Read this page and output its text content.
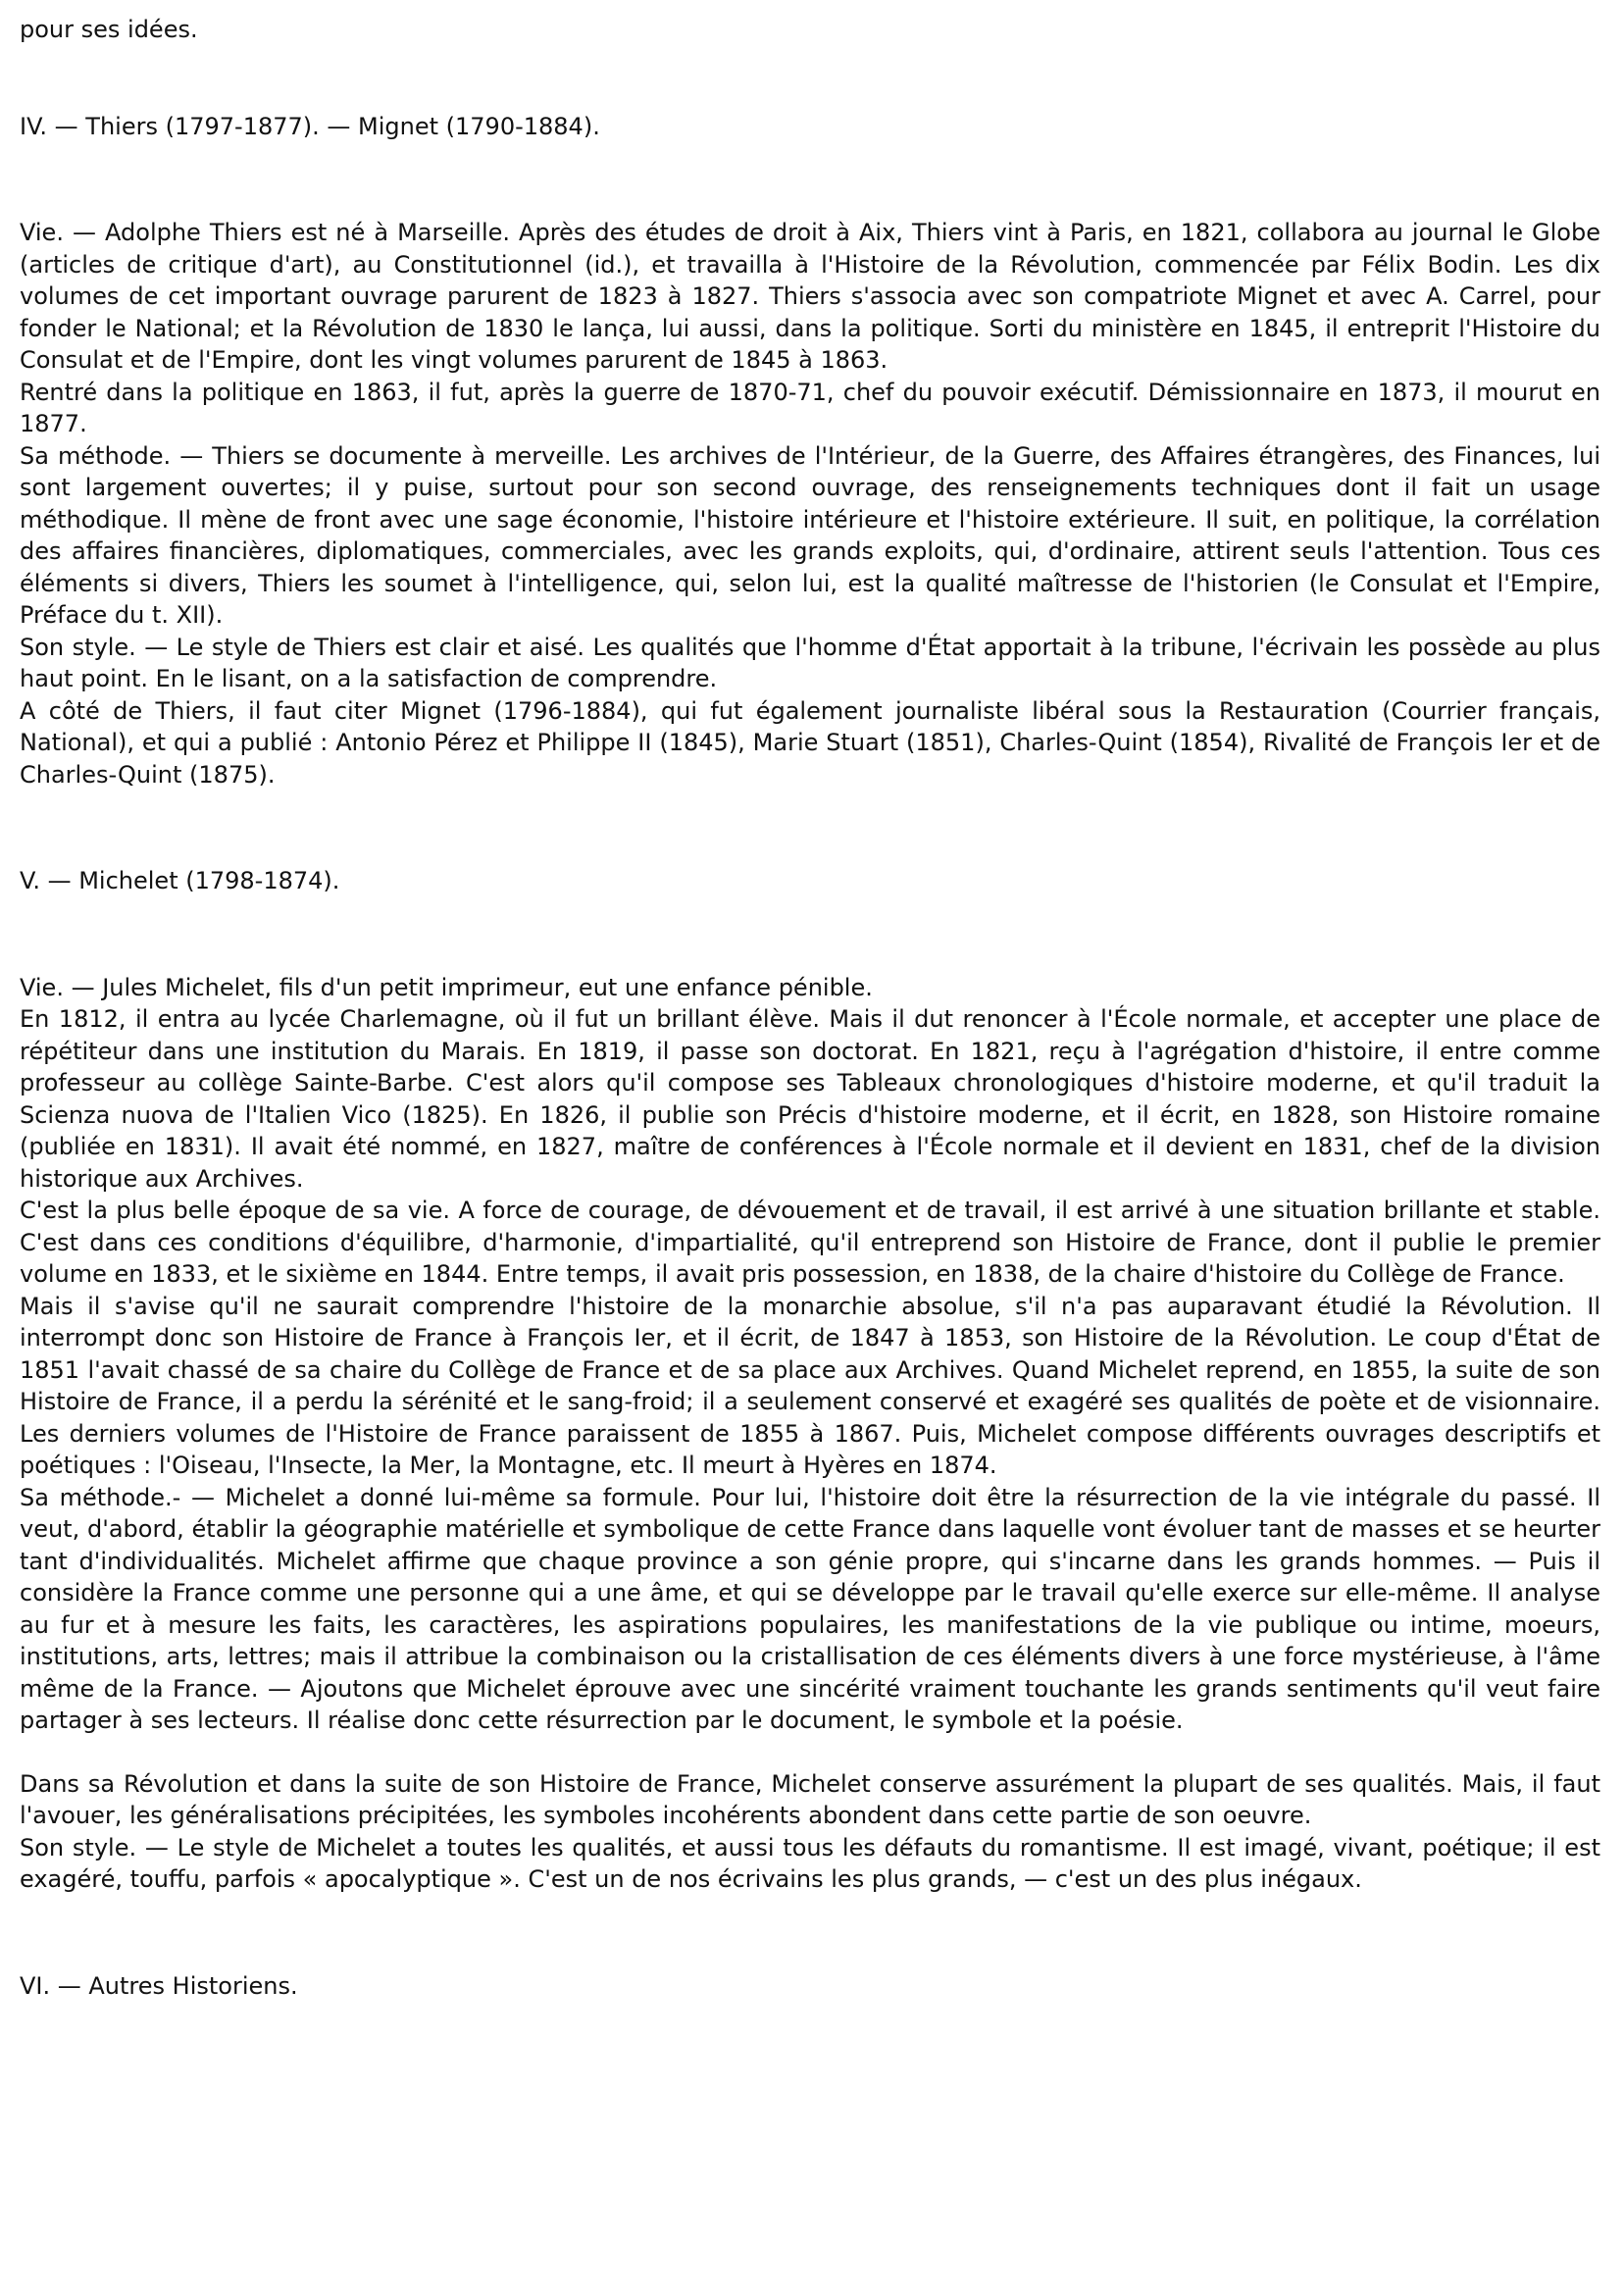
pour ses idées.

IV. — Thiers (1797-1877). — Mignet (1790-1884).

Vie. — Adolphe Thiers est né à Marseille. Après des études de droit à Aix, Thiers vint à Paris, en 1821, collabora au journal le Globe (articles de critique d'art), au Constitutionnel (id.), et travailla à l'Histoire de la Révolution, commencée par Félix Bodin. Les dix volumes de cet important ouvrage parurent de 1823 à 1827. Thiers s'associa avec son compatriote Mignet et avec A. Carrel, pour fonder le National; et la Révolution de 1830 le lança, lui aussi, dans la politique. Sorti du ministère en 1845, il entreprit l'Histoire du Consulat et de l'Empire, dont les vingt volumes parurent de 1845 à 1863.

Rentré dans la politique en 1863, il fut, après la guerre de 1870-71, chef du pouvoir exécutif. Démissionnaire en 1873, il mourut en 1877.

Sa méthode. — Thiers se documente à merveille. Les archives de l'Intérieur, de la Guerre, des Affaires étrangères, des Finances, lui sont largement ouvertes; il y puise, surtout pour son second ouvrage, des renseignements techniques dont il fait un usage méthodique. Il mène de front avec une sage économie, l'histoire intérieure et l'histoire extérieure. Il suit, en politique, la corrélation des affaires financières, diplomatiques, commerciales, avec les grands exploits, qui, d'ordinaire, attirent seuls l'attention. Tous ces éléments si divers, Thiers les soumet à l'intelligence, qui, selon lui, est la qualité maîtresse de l'historien (le Consulat et l'Empire, Préface du t. XII).

Son style. — Le style de Thiers est clair et aisé. Les qualités que l'homme d'État apportait à la tribune, l'écrivain les possède au plus haut point. En le lisant, on a la satisfaction de comprendre.

A côté de Thiers, il faut citer Mignet (1796-1884), qui fut également journaliste libéral sous la Restauration (Courrier français, National), et qui a publié : Antonio Pérez et Philippe II (1845), Marie Stuart (1851), Charles-Quint (1854), Rivalité de François Ier et de Charles-Quint (1875).

V. — Michelet (1798-1874).

Vie. — Jules Michelet, fils d'un petit imprimeur, eut une enfance pénible.

En 1812, il entra au lycée Charlemagne, où il fut un brillant élève. Mais il dut renoncer à l'École normale, et accepter une place de répétiteur dans une institution du Marais. En 1819, il passe son doctorat. En 1821, reçu à l'agrégation d'histoire, il entre comme professeur au collège Sainte-Barbe. C'est alors qu'il compose ses Tableaux chronologiques d'histoire moderne, et qu'il traduit la Scienza nuova de l'Italien Vico (1825). En 1826, il publie son Précis d'histoire moderne, et il écrit, en 1828, son Histoire romaine (publiée en 1831). Il avait été nommé, en 1827, maître de conférences à l'École normale et il devient en 1831, chef de la division historique aux Archives.

C'est la plus belle époque de sa vie. A force de courage, de dévouement et de travail, il est arrivé à une situation brillante et stable. C'est dans ces conditions d'équilibre, d'harmonie, d'impartialité, qu'il entreprend son Histoire de France, dont il publie le premier volume en 1833, et le sixième en 1844. Entre temps, il avait pris possession, en 1838, de la chaire d'histoire du Collège de France.

Mais il s'avise qu'il ne saurait comprendre l'histoire de la monarchie absolue, s'il n'a pas auparavant étudié la Révolution. Il interrompt donc son Histoire de France à François Ier, et il écrit, de 1847 à 1853, son Histoire de la Révolution. Le coup d'État de 1851 l'avait chassé de sa chaire du Collège de France et de sa place aux Archives. Quand Michelet reprend, en 1855, la suite de son Histoire de France, il a perdu la sérénité et le sang-froid; il a seulement conservé et exagéré ses qualités de poète et de visionnaire. Les derniers volumes de l'Histoire de France paraissent de 1855 à 1867. Puis, Michelet compose différents ouvrages descriptifs et poétiques : l'Oiseau, l'Insecte, la Mer, la Montagne, etc. Il meurt à Hyères en 1874.

Sa méthode.- — Michelet a donné lui-même sa formule. Pour lui, l'histoire doit être la résurrection de la vie intégrale du passé. Il veut, d'abord, établir la géographie matérielle et symbolique de cette France dans laquelle vont évoluer tant de masses et se heurter tant d'individualités. Michelet affirme que chaque province a son génie propre, qui s'incarne dans les grands hommes. — Puis il considère la France comme une personne qui a une âme, et qui se développe par le travail qu'elle exerce sur elle-même. Il analyse au fur et à mesure les faits, les caractères, les aspirations populaires, les manifestations de la vie publique ou intime, moeurs, institutions, arts, lettres; mais il attribue la combinaison ou la cristallisation de ces éléments divers à une force mystérieuse, à l'âme même de la France. — Ajoutons que Michelet éprouve avec une sincérité vraiment touchante les grands sentiments qu'il veut faire partager à ses lecteurs. Il réalise donc cette résurrection par le document, le symbole et la poésie.

Dans sa Révolution et dans la suite de son Histoire de France, Michelet conserve assurément la plupart de ses qualités. Mais, il faut l'avouer, les généralisations précipitées, les symboles incohérents abondent dans cette partie de son oeuvre.

Son style. — Le style de Michelet a toutes les qualités, et aussi tous les défauts du romantisme. Il est imagé, vivant, poétique; il est exagéré, touffu, parfois « apocalyptique ». C'est un de nos écrivains les plus grands, — c'est un des plus inégaux.

VI. — Autres Historiens.
